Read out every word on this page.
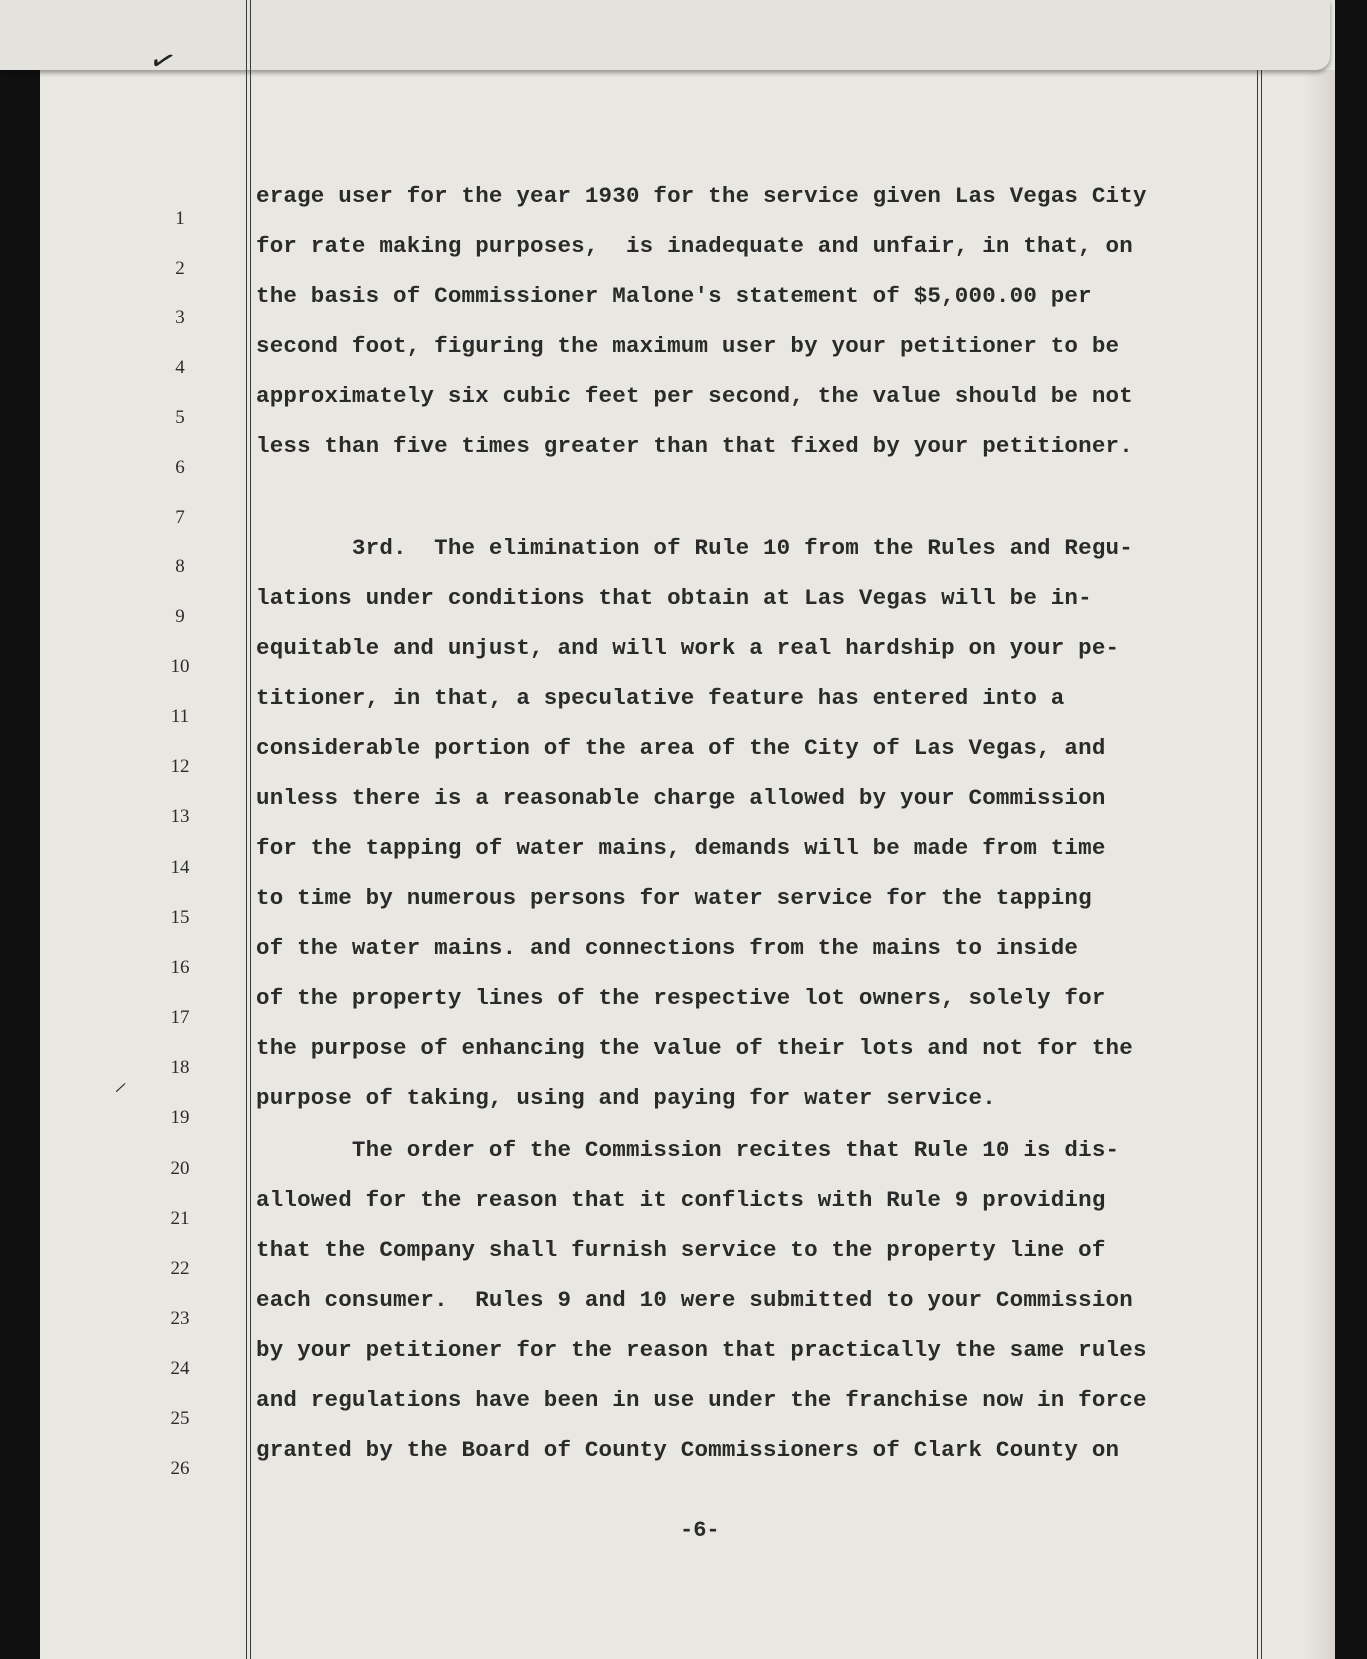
✓
/
1
2
3
4
5
6
7
8
9
10
11
12
13
14
15
16
17
18
19
20
21
22
23
24
25
26
erage user for the year 1930 for the service given Las Vegas City
for rate making purposes,  is inadequate and unfair, in that, on
the basis of Commissioner Malone's statement of $5,000.00 per
second foot, figuring the maximum user by your petitioner to be
approximately six cubic feet per second, the value should be not
less than five times greater than that fixed by your petitioner.
3rd.  The elimination of Rule 10 from the Rules and Regu-
lations under conditions that obtain at Las Vegas will be in-
equitable and unjust, and will work a real hardship on your pe-
titioner, in that, a speculative feature has entered into a
considerable portion of the area of the City of Las Vegas, and
unless there is a reasonable charge allowed by your Commission
for the tapping of water mains, demands will be made from time
to time by numerous persons for water service for the tapping
of the water mains. and connections from the mains to inside
of the property lines of the respective lot owners, solely for
the purpose of enhancing the value of their lots and not for the
purpose of taking, using and paying for water service.
The order of the Commission recites that Rule 10 is dis-
allowed for the reason that it conflicts with Rule 9 providing
that the Company shall furnish service to the property line of
each consumer.  Rules 9 and 10 were submitted to your Commission
by your petitioner for the reason that practically the same rules
and regulations have been in use under the franchise now in force
granted by the Board of County Commissioners of Clark County on
-6-
